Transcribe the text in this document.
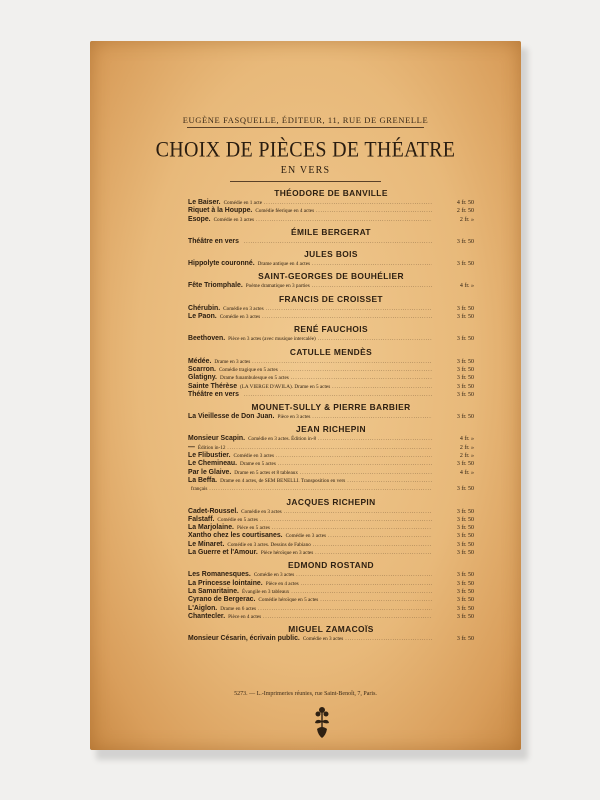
EUGÈNE FASQUELLE, ÉDITEUR, 11, RUE DE GRENELLE
CHOIX DE PIÈCES DE THÉATRE
EN VERS
THÉODORE DE BANVILLE
Le Baiser. Comédie en 1 acte .....	4 fr. 50
Riquet à la Houppe. Comédie féerique en 4 actes .....	2 fr. 50
Esope. Comédie en 3 actes .....	2 fr. »
ÉMILE BERGERAT
Théâtre en vers .....	3 fr. 50
JULES BOIS
Hippolyte couronné. Drame antique en 4 actes .....	3 fr. 50
SAINT-GEORGES DE BOUHÉLIER
Fête Triomphale. Poème dramatique en 3 parties .....	4 fr. »
FRANCIS DE CROISSET
Chérubin. Comédie en 3 actes .....	3 fr. 50
Le Paon. Comédie en 3 actes .....	3 fr. 50
RENÉ FAUCHOIS
Beethoven. Pièce en 3 actes (avec musique intercalée) .....	3 fr. 50
CATULLE MENDÈS
Médée. Drame en 3 actes .....	3 fr. 50
Scarron. Comédie tragique en 5 actes .....	3 fr. 50
Glatigny. Drame funambulesque en 5 actes .....	3 fr. 50
Sainte Thérèse (LA VIERGE D'AVILA). Drame en 5 actes .....	3 fr. 50
Théâtre en vers .....	3 fr. 50
MOUNET-SULLY & PIERRE BARBIER
La Vieillesse de Don Juan. Pièce en 3 actes .....	3 fr. 50
JEAN RICHEPIN
Monsieur Scapin. Comédie en 3 actes. Édition in-8 .....	4 fr. »
— Édition in-12 .....	2 fr. »
Le Flibustier. Comédie en 3 actes .....	2 fr. »
Le Chemineau. Drame en 5 actes .....	3 fr. 50
Par le Glaive. Drame en 5 actes et 8 tableaux .....	4 fr. »
La Beffa. Drame en 4 actes, de SEM BENELLI. Transposition en vers
.....
français .....	3 fr. 50
JACQUES RICHEPIN
Cadet-Roussel. Comédie en 3 actes .....	3 fr. 50
Falstaff. Comédie en 5 actes .....	3 fr. 50
La Marjolaine. Pièce en 5 actes .....	3 fr. 50
Xantho chez les courtisanes. Comédie en 3 actes .....	3 fr. 50
Le Minaret. Comédie en 3 actes. Dessins de Fabiano .....	3 fr. 50
La Guerre et l'Amour. Pièce héroïque en 3 actes .....	3 fr. 50
EDMOND ROSTAND
Les Romanesques. Comédie en 3 actes .....	3 fr. 50
La Princesse lointaine. Pièce en 4 actes .....	3 fr. 50
La Samaritaine. Évangile en 3 tableaux .....	3 fr. 50
Cyrano de Bergerac. Comédie héroïque en 5 actes .....	3 fr. 50
L'Aiglon. Drame en 6 actes .....	3 fr. 50
Chantecler. Pièce en 4 actes .....	3 fr. 50
MIGUEL ZAMACOÏS
Monsieur Césarin, écrivain public. Comédie en 3 actes .....	3 fr. 50
5273. — L.-Imprimeries réunies, rue Saint-Benoît, 7, Paris.
